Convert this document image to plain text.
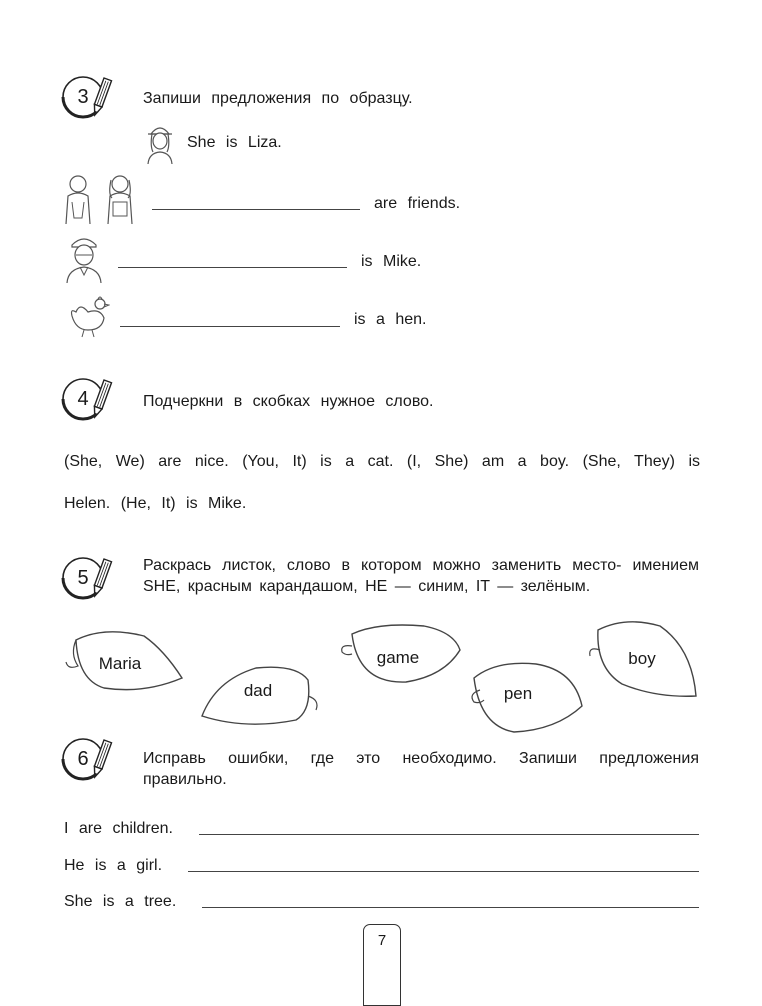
3	Запиши предложения по образцу.
She is Liza.
are friends.
is Mike.
is a hen.
4	Подчеркни в скобках нужное слово.
(She, We) are nice. (You, It) is a cat. (I, She) am a boy. (She, They) is
Helen. (He, It) is Mike.
5
Раскрась листок, слово в котором можно заменить место- имением SHE, красным карандашом, HE — синим, IT — зелёным.
Maria
dad
game
pen
boy
6	Исправь ошибки, где это необходимо. Запиши предложения правильно.
I are children.
He is a girl.
She is a tree.
7
